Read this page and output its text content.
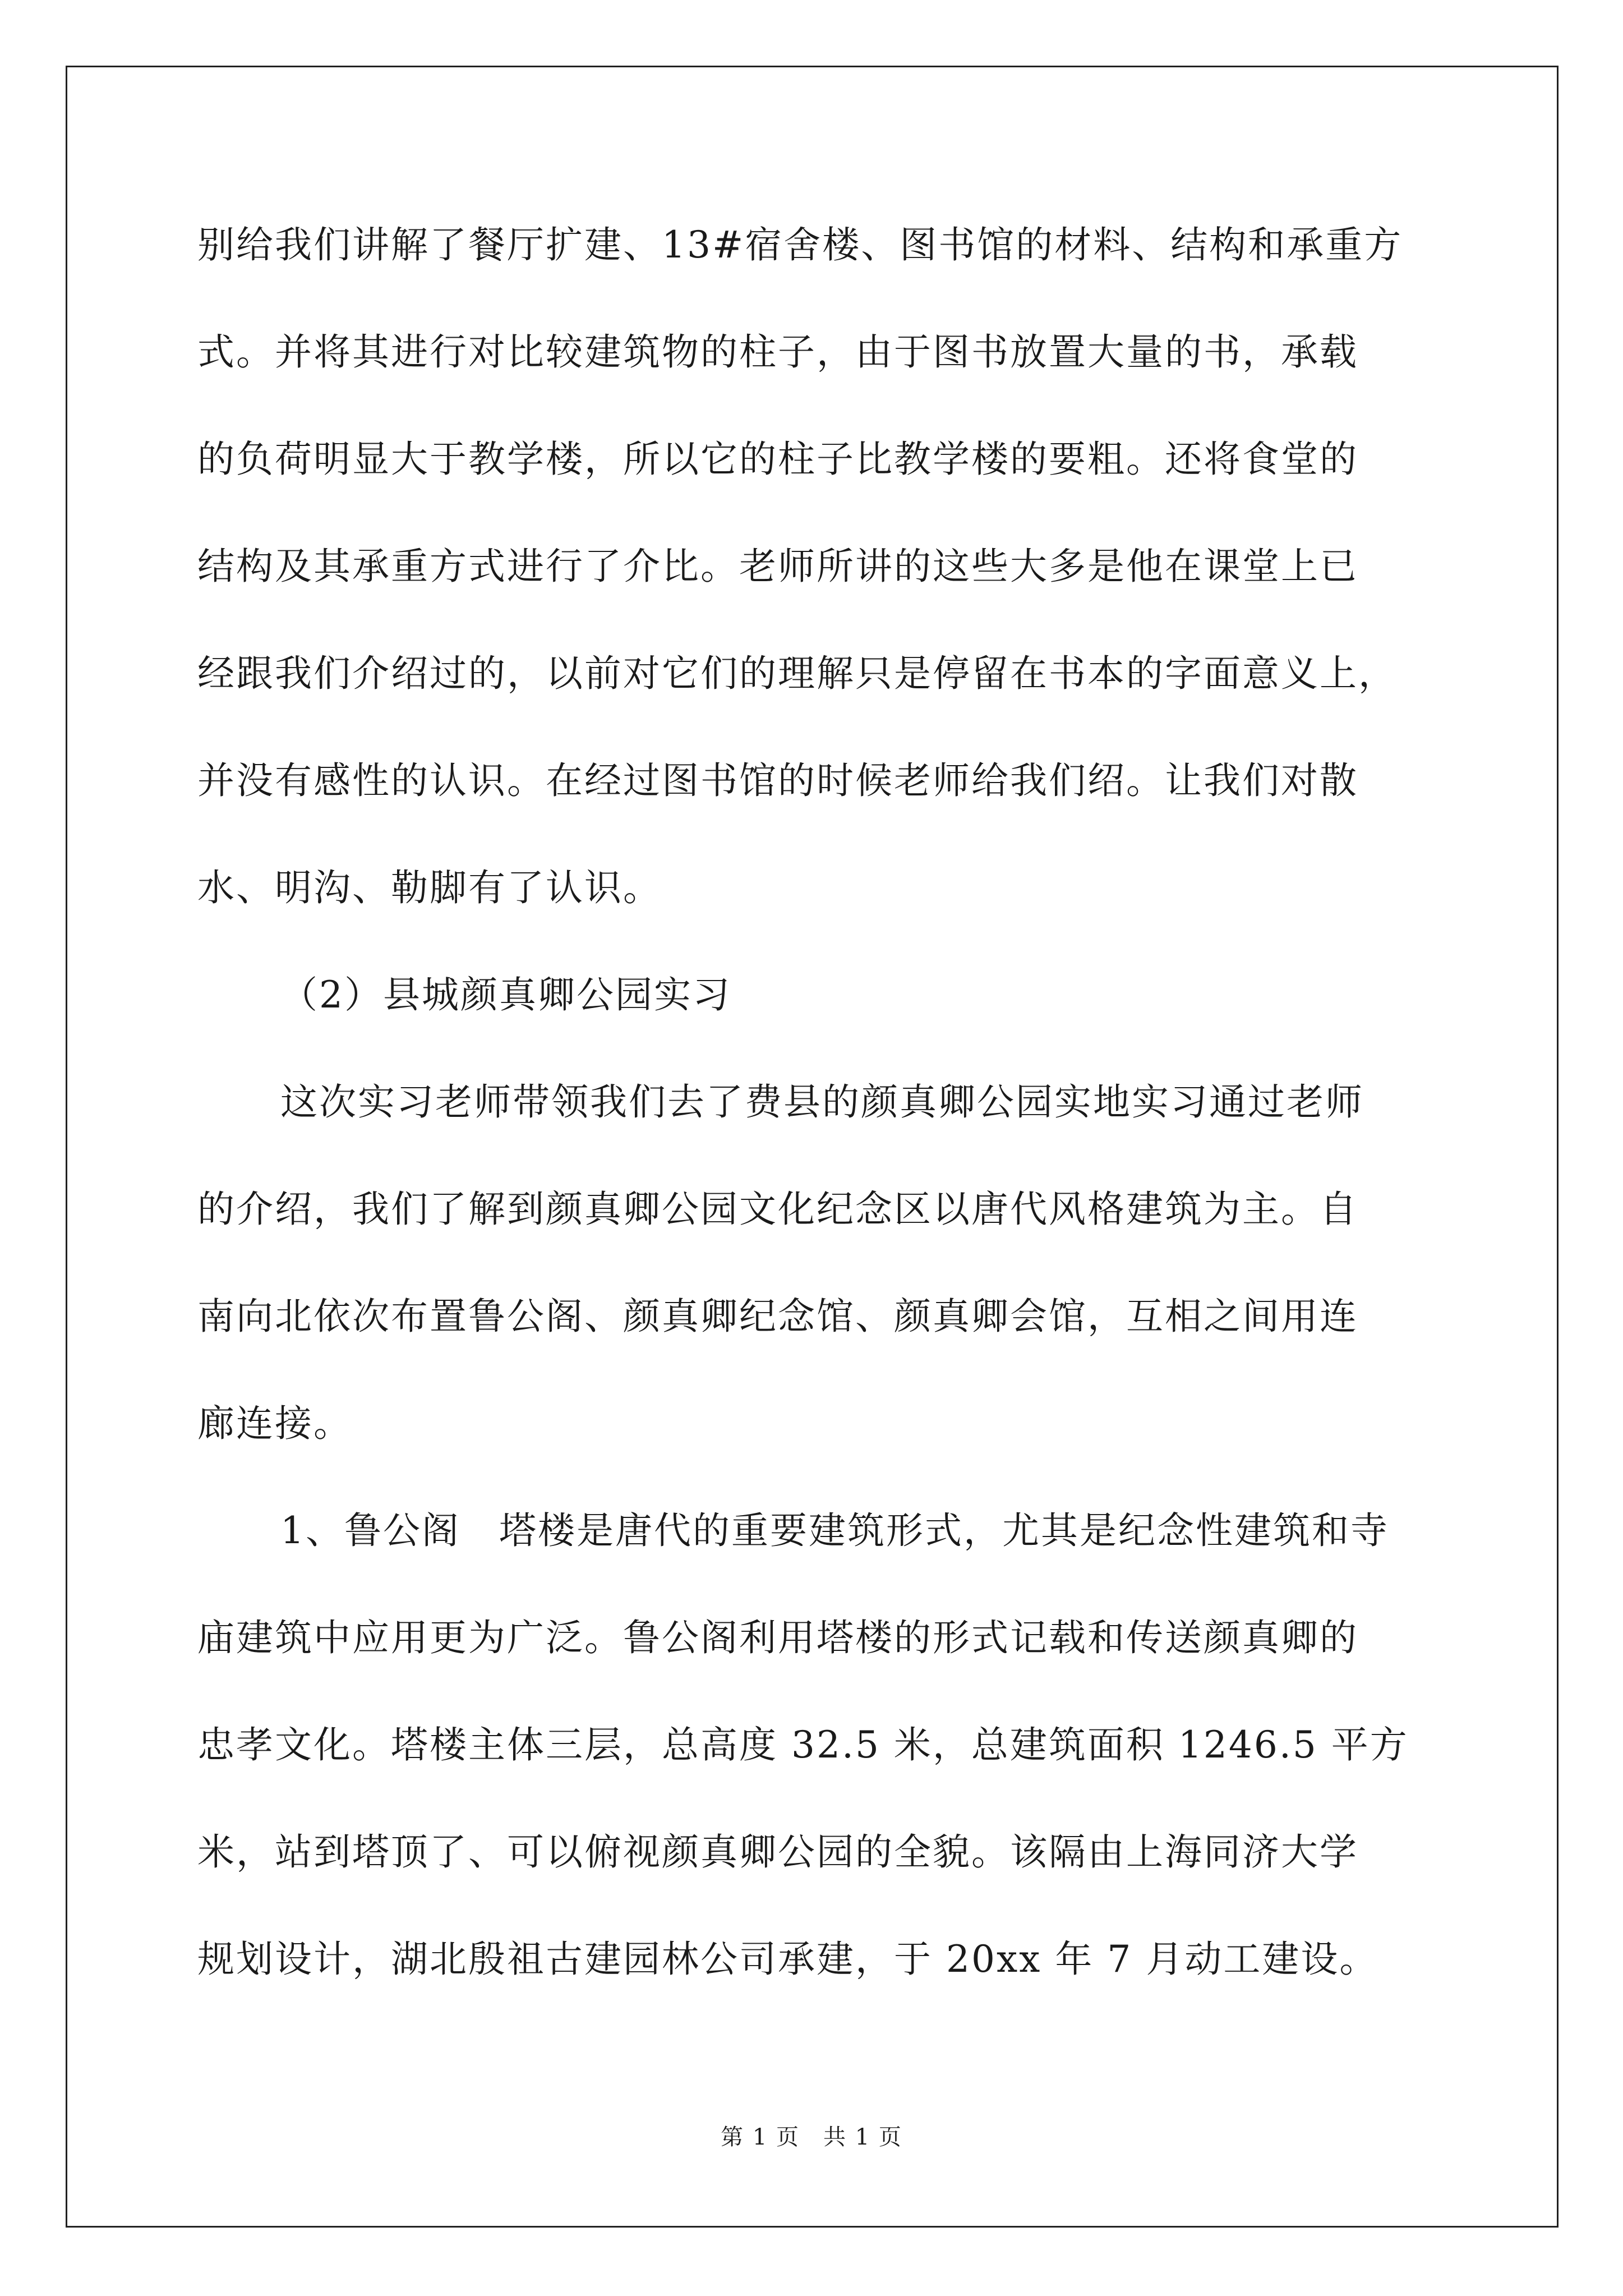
别给我们讲解了餐厅扩建、13#宿舍楼、图书馆的材料、结构和承重方
式。并将其进行对比较建筑物的柱子，由于图书放置大量的书，承载
的负荷明显大于教学楼，所以它的柱子比教学楼的要粗。还将食堂的
结构及其承重方式进行了介比。老师所讲的这些大多是他在课堂上已
经跟我们介绍过的，以前对它们的理解只是停留在书本的字面意义上，
并没有感性的认识。在经过图书馆的时候老师给我们绍。让我们对散
水、明沟、勒脚有了认识。
（2）县城颜真卿公园实习
这次实习老师带领我们去了费县的颜真卿公园实地实习通过老师
的介绍，我们了解到颜真卿公园文化纪念区以唐代风格建筑为主。自
南向北依次布置鲁公阁、颜真卿纪念馆、颜真卿会馆，互相之间用连
廊连接。
1、鲁公阁　塔楼是唐代的重要建筑形式，尤其是纪念性建筑和寺
庙建筑中应用更为广泛。鲁公阁利用塔楼的形式记载和传送颜真卿的
忠孝文化。塔楼主体三层，总高度 32.5 米，总建筑面积 1246.5 平方
米，站到塔顶了、可以俯视颜真卿公园的全貌。该隔由上海同济大学
规划设计，湖北殷祖古建园林公司承建，于 20xx 年 7 月动工建设。
第 1 页　共 1 页
